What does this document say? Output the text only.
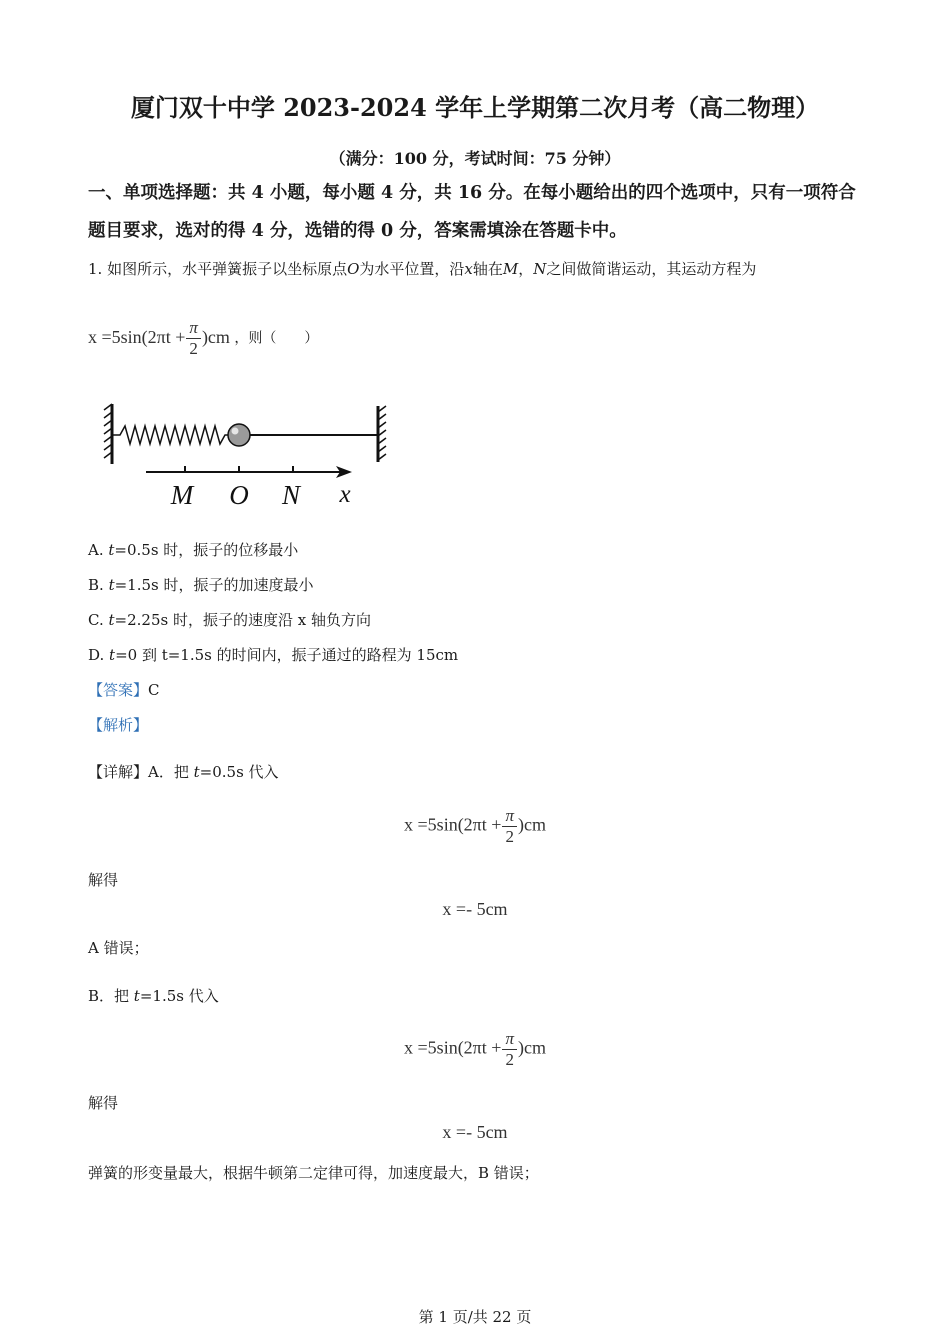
厦门双十中学 2023-2024 学年上学期第二次月考（高二物理）
（满分：100 分，考试时间：75 分钟）
一、单项选择题：共 4 小题，每小题 4 分，共 16 分。在每小题给出的四个选项中，只有一项符合题目要求，选对的得 4 分，选错的得 0 分，答案需填涂在答题卡中。
1. 如图所示，水平弹簧振子以坐标原点O为水平位置，沿x轴在M，N之间做简谐运动，其运动方程为
$x =5\sin(2\pi t + \frac{\pi}{2} )cm$ ，则（　　）
M O N x
A. t=0.5s 时，振子的位移最小
B. t=1.5s 时，振子的加速度最小
C. t=2.25s 时，振子的速度沿 x 轴负方向
D. t=0 到 t=1.5s 的时间内，振子通过的路程为 15cm
【答案】C
【解析】
【详解】A．把 t=0.5s 代入
$x =5\sin(2\pi t + \frac{\pi}{2} )cm$
解得
x =- 5cm
A 错误；
B．把 t=1.5s 代入
$x =5\sin(2\pi t + \frac{\pi}{2} )cm$
解得
x =- 5cm
弹簧的形变量最大，根据牛顿第二定律可得，加速度最大，B 错误；
第 1 页/共 22 页
